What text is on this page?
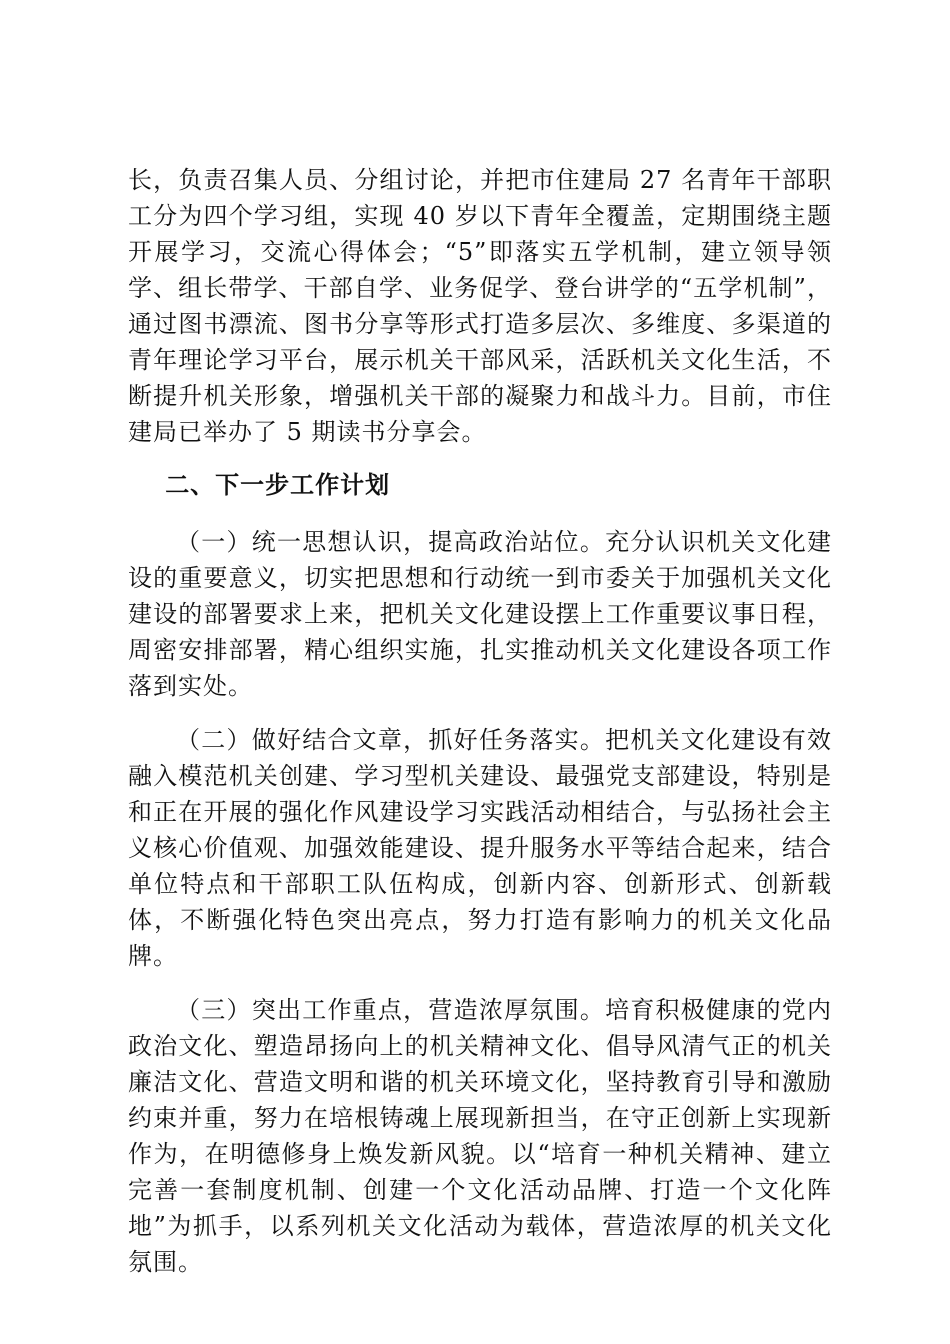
长，负责召集人员、分组讨论，并把市住建局 27 名青年干部职工分为四个学习组，实现 40 岁以下青年全覆盖，定期围绕主题开展学习，交流心得体会；“5”即落实五学机制，建立领导领学、组长带学、干部自学、业务促学、登台讲学的“五学机制”，通过图书漂流、图书分享等形式打造多层次、多维度、多渠道的青年理论学习平台，展示机关干部风采，活跃机关文化生活，不断提升机关形象，增强机关干部的凝聚力和战斗力。目前，市住建局已举办了 5 期读书分享会。

二、下一步工作计划

（一）统一思想认识，提高政治站位。充分认识机关文化建设的重要意义，切实把思想和行动统一到市委关于加强机关文化建设的部署要求上来，把机关文化建设摆上工作重要议事日程，周密安排部署，精心组织实施，扎实推动机关文化建设各项工作落到实处。

（二）做好结合文章，抓好任务落实。把机关文化建设有效融入模范机关创建、学习型机关建设、最强党支部建设，特别是和正在开展的强化作风建设学习实践活动相结合，与弘扬社会主义核心价值观、加强效能建设、提升服务水平等结合起来，结合单位特点和干部职工队伍构成，创新内容、创新形式、创新载体，不断强化特色突出亮点，努力打造有影响力的机关文化品牌。

（三）突出工作重点，营造浓厚氛围。培育积极健康的党内政治文化、塑造昂扬向上的机关精神文化、倡导风清气正的机关廉洁文化、营造文明和谐的机关环境文化，坚持教育引导和激励约束并重，努力在培根铸魂上展现新担当，在守正创新上实现新作为，在明德修身上焕发新风貌。以“培育一种机关精神、建立完善一套制度机制、创建一个文化活动品牌、打造一个文化阵地”为抓手，以系列机关文化活动为载体，营造浓厚的机关文化氛围。
